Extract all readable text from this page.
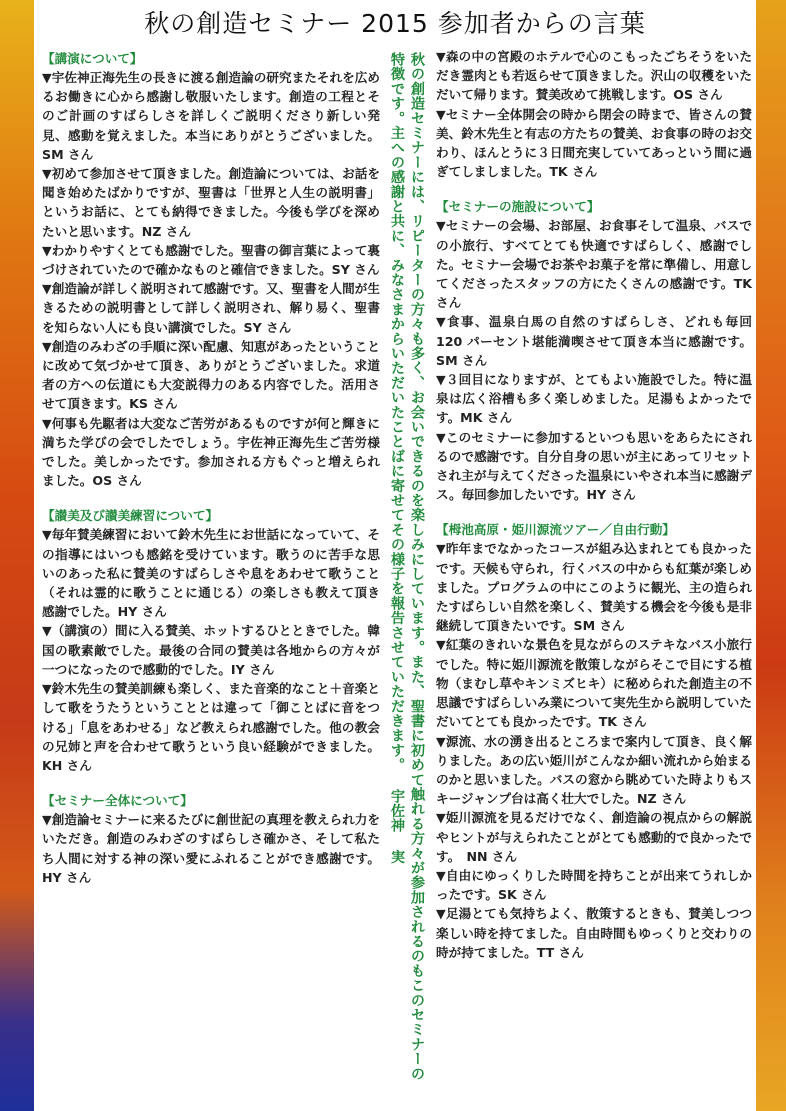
秋の創造セミナー 2015 参加者からの言葉
【講演について】

▼宇佐神正海先生の長きに渡る創造論の研究またそれを広めるお働きに心から感謝し敬服いたします。創造の工程とそのご計画のすばらしさを詳しくご説明くださり新しい発見、感動を覚えました。本当にありがとうございました。SM さん

▼初めて参加させて頂きました。創造論については、お話を聞き始めたばかりですが、聖書は「世界と人生の説明書」というお話に、とても納得できました。今後も学びを深めたいと思います。NZ さん

▼わかりやすくとても感謝でした。聖書の御言葉によって裏づけされていたので確かなものと確信できました。SY さん

▼創造論が詳しく説明されて感謝です。又、聖書を人間が生きるための説明書として詳しく説明され、解り易く、聖書を知らない人にも良い講演でした。SY さん

▼創造のみわざの手順に深い配慮、知恵があったということに改めて気づかせて頂き、ありがとうございました。求道者の方への伝道にも大変説得力のある内容でした。活用させて頂きます。KS さん

▼何事も先駆者は大変なご苦労があるものですが何と輝きに満ちた学びの会でしたでしょう。宇佐神正海先生ご苦労様でした。美しかったです。参加される方もぐっと増えられました。OS さん

【讃美及び讃美練習について】

▼毎年賛美練習において鈴木先生にお世話になっていて、その指導にはいつも感銘を受けています。歌うのに苦手な思いのあった私に賛美のすばらしさや息をあわせて歌うこと（それは霊的に歌うことに通じる）の楽しさも教えて頂き感謝でした。HY さん

▼（講演の）間に入る賛美、ホットするひとときでした。韓国の歌素敵でした。最後の合同の賛美は各地からの方々が一つになったので感動的でした。IY さん

▼鈴木先生の賛美訓練も楽しく、また音楽的なこと＋音楽として歌をうたうということとは違って「御ことばに音をつける」「息をあわせる」など教えられ感謝でした。他の教会の兄姉と声を合わせて歌うという良い経験ができました。KH さん

【セミナー全体について】

▼創造論セミナーに来るたびに創世記の真理を教えられ力をいただき。創造のみわざのすばらしさ確かさ、そして私たち人間に対する神の深い愛にふれることができ感謝です。HY さん	秋の創造セミナーには、リピーターの方々も多く、お会いできるのを楽しみにしています。また、聖書に初めて触れる方々が参加されるのもこのセミナーの特徴です。主への感謝と共に、みなさまからいただいたことばに寄せてその様子を報告させていただきます。 宇佐神 実	▼森の中の宮殿のホテルで心のこもったごちそうをいただき霊肉とも若返らせて頂きました。沢山の収穫をいただいて帰ります。賛美改めて挑戦します。OS さん

▼セミナー全体開会の時から閉会の時まで、皆さんの賛美、鈴木先生と有志の方たちの賛美、お食事の時のお交わり、ほんとうに３日間充実していてあっという間に過ぎてしましました。TK さん

【セミナーの施設について】

▼セミナーの会場、お部屋、お食事そして温泉、バスでの小旅行、すべてとても快適ですばらしく、感謝でした。セミナー会場でお茶やお菓子を常に準備し、用意してくださったスタッフの方にたくさんの感謝です。TK さん

▼食事、温泉白馬の自然のすばらしさ、どれも毎回 120 パーセント堪能満喫させて頂き本当に感謝です。SM さん

▼３回目になりますが、とてもよい施設でした。特に温泉は広く浴槽も多く楽しめました。足湯もよかったです。MK さん

▼このセミナーに参加するといつも思いをあらたにされるので感謝です。自分自身の思いが主にあってリセットされ主が与えてくださった温泉にいやされ本当に感謝デス。毎回参加したいです。HY さん

【栂池高原・姫川源流ツアー／自由行動】

▼昨年までなかったコースが組み込まれとても良かったです。天候も守られ，行くバスの中からも紅葉が楽しめました。プログラムの中にこのように観光、主の造られたすばらしい自然を楽しく、賛美する機会を今後も是非継続して頂きたいです。SM さん

▼紅葉のきれいな景色を見ながらのステキなバス小旅行でした。特に姫川源流を散策しながらそこで目にする植物（まむし草やキンミズヒキ）に秘められた創造主の不思議ですばらしいみ業について実先生から説明していただいてとても良かったです。TK さん

▼源流、水の湧き出るところまで案内して頂き、良く解りました。あの広い姫川がこんなか細い流れから始まるのかと思いました。バスの窓から眺めていた時よりもスキージャンプ台は高く壮大でした。NZ さん

▼姫川源流を見るだけでなく、創造論の視点からの解説やヒントが与えられたことがとても感動的で良かったです。　NN さん

▼自由にゆっくりした時間を持ちことが出来てうれしかったです。SK さん

▼足湯とても気持ちよく、散策するときも、賛美しつつ楽しい時を持てました。自由時間もゆっくりと交わりの時が持てました。TT さん
